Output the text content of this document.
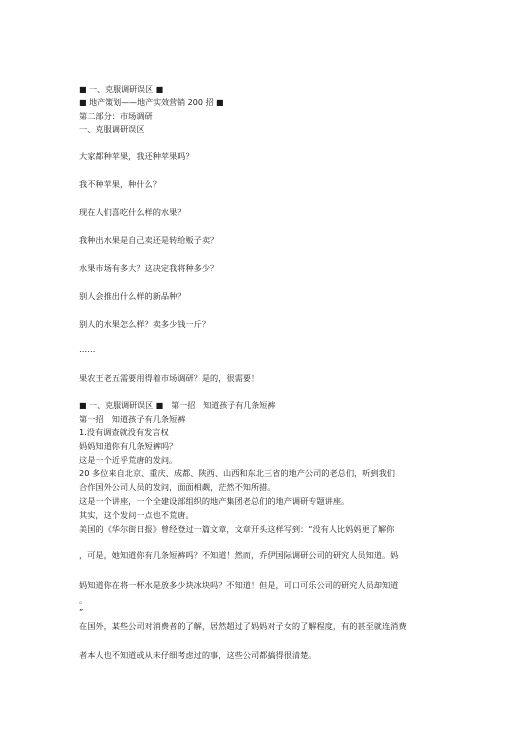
■ 一、克服调研误区 ■

■ 地产策划——地产实效营销 200 招 ■

第二部分：市场调研

一、克服调研误区

大家都种苹果，我还种苹果吗？

我不种苹果，种什么？

现在人们喜吃什么样的水果？

我种出水果是自己卖还是转给贩子卖？

水果市场有多大？这决定我将种多少？

别人会推出什么样的新品种？

别人的水果怎么样？卖多少钱一斤？

……

果农王老五需要用得着市场调研？是的，很需要！

■ 一、克服调研误区 ■　第一招　知道孩子有几条短裤

第一招　知道孩子有几条短裤

1.没有调查就没有发言权

妈妈知道你有几条短裤吗？

这是一个近乎荒唐的发问。

20 多位来自北京、重庆、成都、陕西、山西和东北三省的地产公司的老总们，听到我们

合作国外公司人员的发问，面面相觑，茫然不知所措。

这是一个讲座，一个全建设部组织的地产集团老总们的地产调研专题讲座。

其实，这个发问一点也不荒唐。

美国的《华尔街日报》曾经登过一篇文章，文章开头这样写到：“没有人比妈妈更了解你

，可是，她知道你有几条短裤吗？不知道！然而，乔伊国际调研公司的研究人员知道。妈

妈知道你在将一杯水是放多少块冰块吗？不知道！但是，可口可乐公司的研究人员却知道

。

”

在国外，某些公司对消费者的了解，居然超过了妈妈对子女的了解程度，有的甚至就连消费

者本人也不知道或从未仔细考虑过的事，这些公司都搞得很清楚。
